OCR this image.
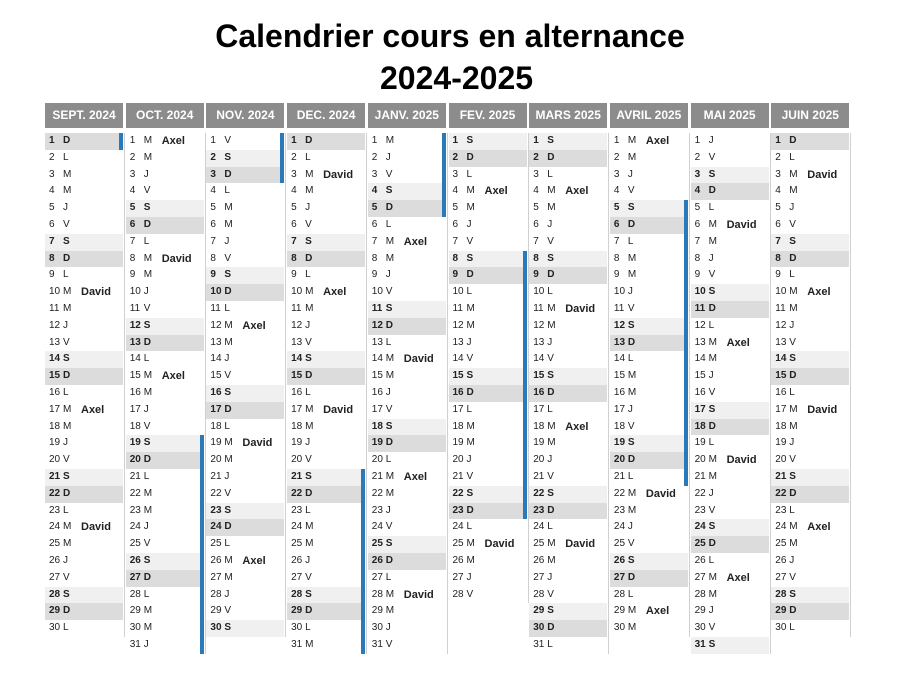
Calendrier cours en alternance
2024-2025
SEPT. 2024
1 D
2 L
3 M
4 M
5 J
6 V
7 S
8 D
9 L
10 M David
11 M
12 J
13 V
14 S
15 D
16 L
17 M Axel
18 M
19 J
20 V
21 S
22 D
23 L
24 M David
25 M
26 J
27 V
28 S
29 D
30 L
OCT. 2024
1 M Axel
2 M
3 J
4 V
5 S
6 D
7 L
8 M David
9 M
10 J
11 V
12 S
13 D
14 L
15 M Axel
16 M
17 J
18 V
19 S
20 D
21 L
22 M
23 M
24 J
25 V
26 S
27 D
28 L
29 M
30 M
31 J
NOV. 2024
1 V
2 S
3 D
4 L
5 M
6 M
7 J
8 V
9 S
10 D
11 L
12 M Axel
13 M
14 J
15 V
16 S
17 D
18 L
19 M David
20 M
21 J
22 V
23 S
24 D
25 L
26 M Axel
27 M
28 J
29 V
30 S
DEC. 2024
1 D
2 L
3 M David
4 M
5 J
6 V
7 S
8 D
9 L
10 M Axel
11 M
12 J
13 V
14 S
15 D
16 L
17 M David
18 M
19 J
20 V
21 S
22 D
23 L
24 M
25 M
26 J
27 V
28 S
29 D
30 L
31 M
JANV. 2025
1 M
2 J
3 V
4 S
5 D
6 L
7 M Axel
8 M
9 J
10 V
11 S
12 D
13 L
14 M David
15 M
16 J
17 V
18 S
19 D
20 L
21 M Axel
22 M
23 J
24 V
25 S
26 D
27 L
28 M David
29 M
30 J
31 V
FEV. 2025
1 S
2 D
3 L
4 M Axel
5 M
6 J
7 V
8 S
9 D
10 L
11 M
12 M
13 J
14 V
15 S
16 D
17 L
18 M
19 M
20 J
21 V
22 S
23 D
24 L
25 M David
26 M
27 J
28 V
MARS 2025
1 S
2 D
3 L
4 M Axel
5 M
6 J
7 V
8 S
9 D
10 L
11 M David
12 M
13 J
14 V
15 S
16 D
17 L
18 M Axel
19 M
20 J
21 V
22 S
23 D
24 L
25 M David
26 M
27 J
28 V
29 S
30 D
31 L
AVRIL 2025
1 M Axel
2 M
3 J
4 V
5 S
6 D
7 L
8 M
9 M
10 J
11 V
12 S
13 D
14 L
15 M
16 M
17 J
18 V
19 S
20 D
21 L
22 M David
23 M
24 J
25 V
26 S
27 D
28 L
29 M Axel
30 M
MAI 2025
1 J
2 V
3 S
4 D
5 L
6 M David
7 M
8 J
9 V
10 S
11 D
12 L
13 M Axel
14 M
15 J
16 V
17 S
18 D
19 L
20 M David
21 M
22 J
23 V
24 S
25 D
26 L
27 M Axel
28 M
29 J
30 V
31 S
JUIN 2025
1 D
2 L
3 M David
4 M
5 J
6 V
7 S
8 D
9 L
10 M Axel
11 M
12 J
13 V
14 S
15 D
16 L
17 M David
18 M
19 J
20 V
21 S
22 D
23 L
24 M Axel
25 M
26 J
27 V
28 S
29 D
30 L
